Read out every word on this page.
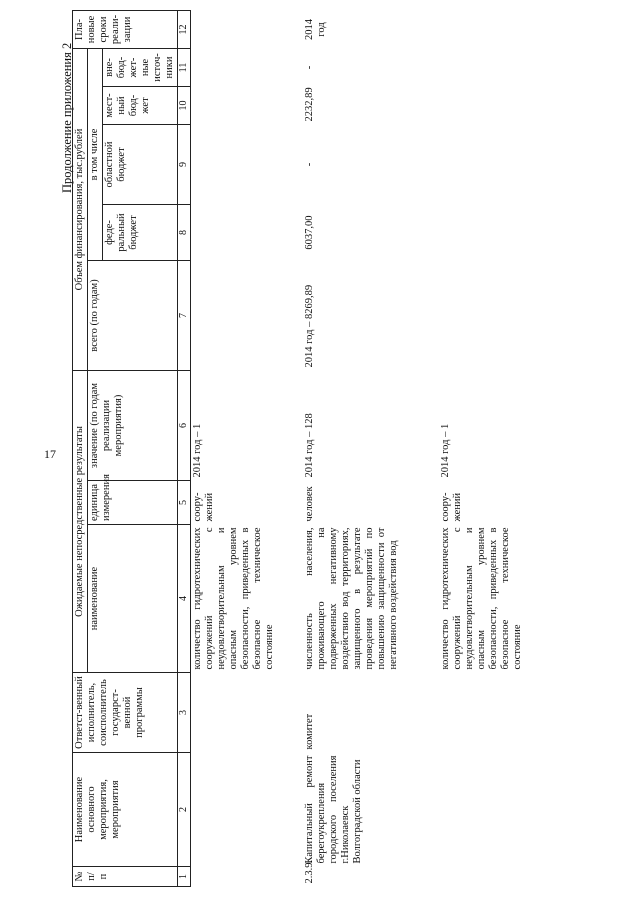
17
Продолжение приложения 2
№
п/п	Наименование основного мероприятия, мероприятия	Ответст-венный исполнитель, соисполнитель государст-венной программы	Ожидаемые непосредственные результаты			Объем финансирования, тыс.рублей					Пла-новые сроки реали-зации
			наименование	единица измерения	значение (по годам реализации мероприятия)	всего (по годам)	в том числе				
							феде-ральный бюджет	областной бюджет	мест-ный бюд-жет	вне-бюд-жет-ные источ-ники	

1	2	3	4	5	6	7	8	9	10	11	12
			количество гидротехнических сооружений с неудовлетворительным и опасным уровнем безопасности, приведенных в безопасное техническое состояние	соору-жений	2014 год – 1						
2.3.9.	Капитальный ремонт берегоукрепления городского поселения г.Николаевск Волгоградской области	комитет	численность населения, проживающего на подверженных негативному воздействию вод территориях, защищенного в результате проведения мероприятий по повышению защищенности от негативного воздействия вод	человек	2014 год – 128	2014 год – 8269,89	6037,00	-	2232,89	-	2014 год
			количество гидротехнических сооружений с неудовлетворительным и опасным уровнем безопасности, приведенных в безопасное техническое состояние	соору-жений	2014 год – 1						
